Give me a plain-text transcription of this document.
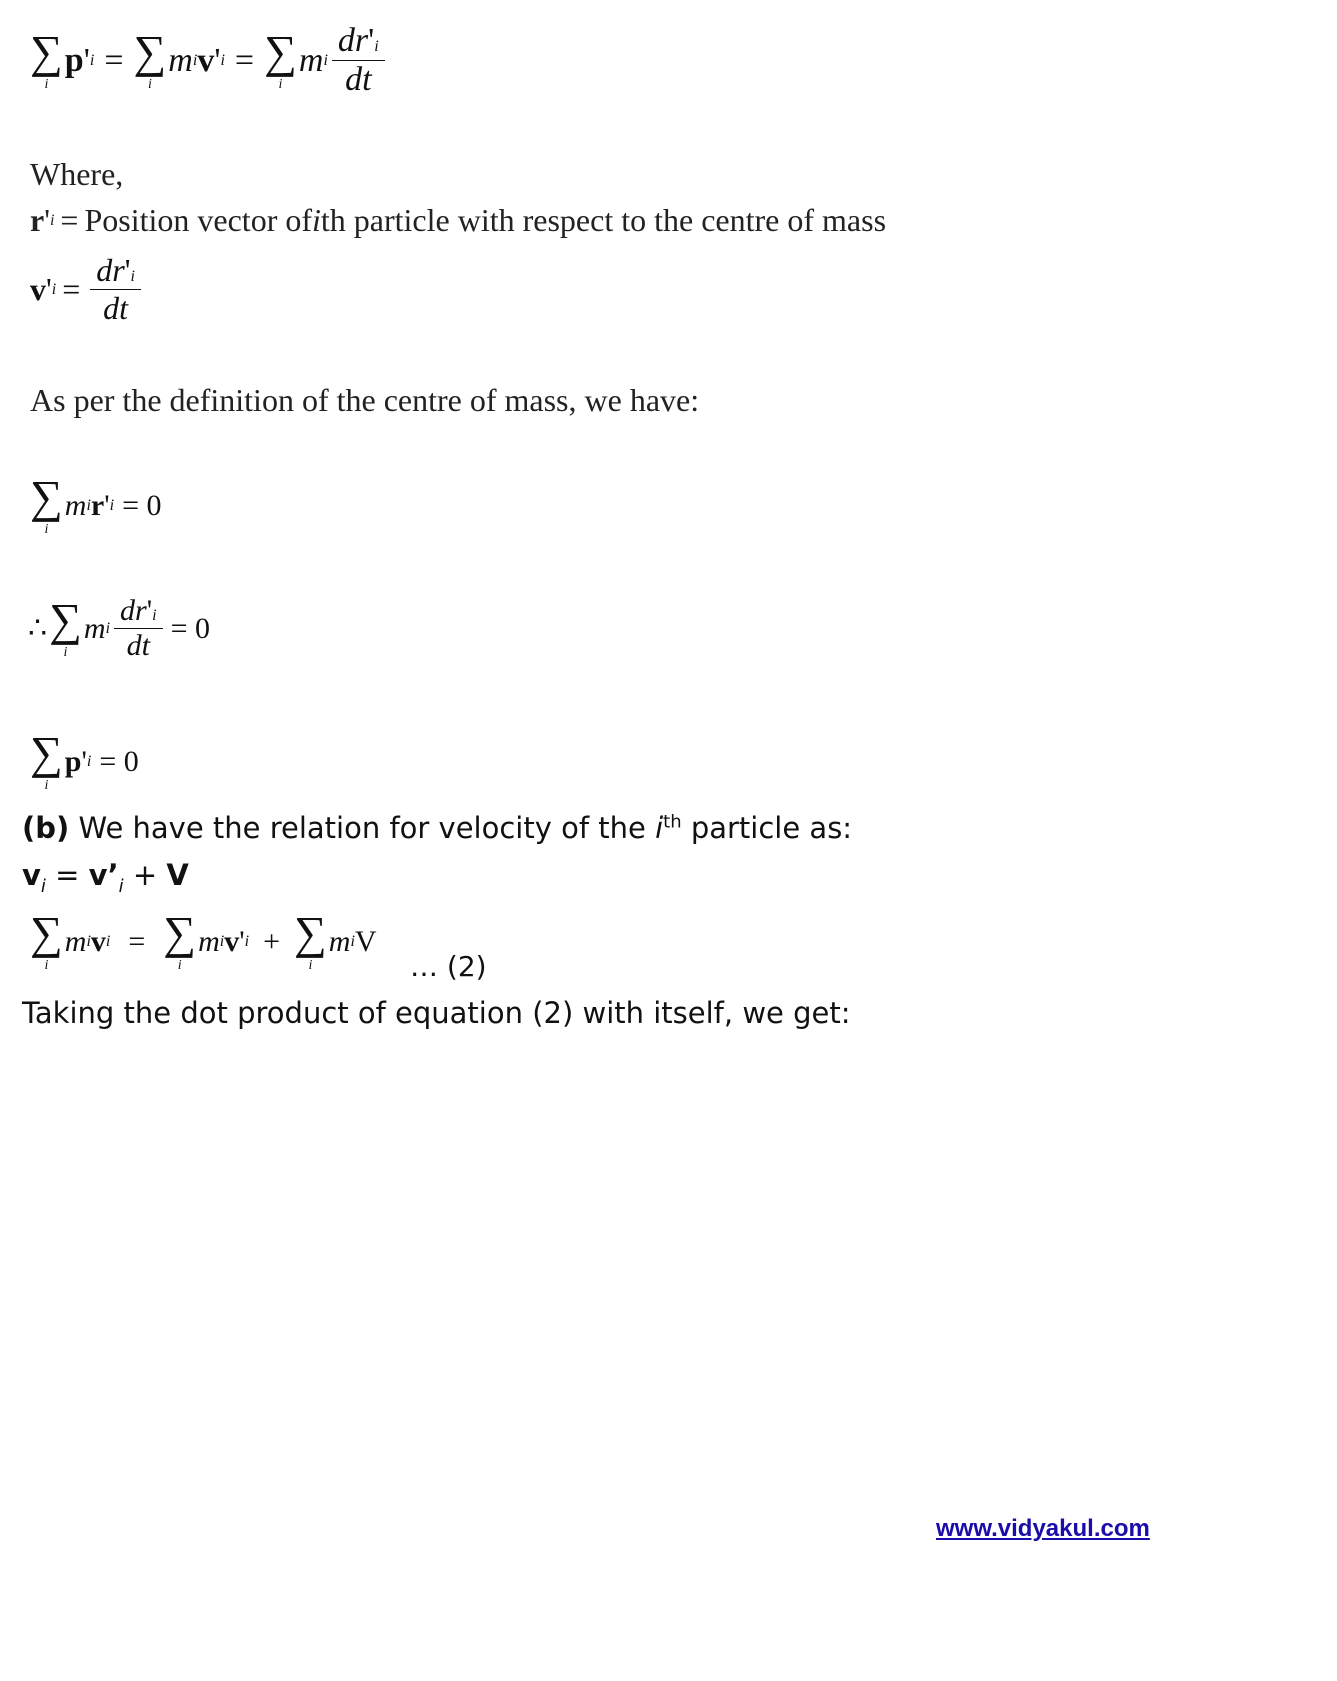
∑
i
p ' i = ∑
i
m i v ' i = ∑
i
m i $\frac{dr'i}{dt}$
Where,
r ' i = Position vector of i th particle with respect to the centre of mass
v ' $i = \frac{dr'i}{dt}$
As per the definition of the centre of mass, we have:
∑
i
m i r ' i = 0
∴ ∑
i
m i $\frac{dr'i}{dt} = 0$
∑
i
p ' i = 0
(b) We have the relation for velocity of the $i^{th}$ particle as:
$v_i$ = $v’_i + V$
∑
i
m i v i = ∑
i
m i v ' i + ∑
i
m i V
… (2)
Taking the dot product of equation (2) with itself, we get:
www.vidyakul.com
